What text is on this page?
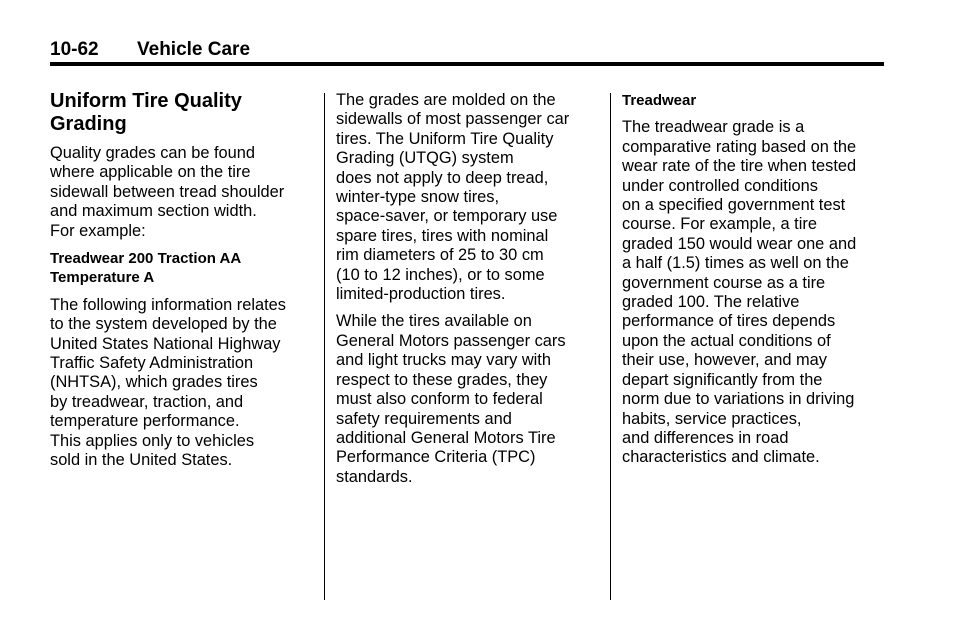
10-62 Vehicle Care
Uniform Tire Quality
Grading

Quality grades can be found
where applicable on the tire
sidewall between tread shoulder
and maximum section width.
For example:

Treadwear 200 Traction AA
Temperature A

The following information relates
to the system developed by the
United States National Highway
Traffic Safety Administration
(NHTSA), which grades tires
by treadwear, traction, and
temperature performance.
This applies only to vehicles
sold in the United States.

The grades are molded on the
sidewalls of most passenger car
tires. The Uniform Tire Quality
Grading (UTQG) system
does not apply to deep tread,
winter-type snow tires,
space-saver, or temporary use
spare tires, tires with nominal
rim diameters of 25 to 30 cm
(10 to 12 inches), or to some
limited-production tires.

While the tires available on
General Motors passenger cars
and light trucks may vary with
respect to these grades, they
must also conform to federal
safety requirements and
additional General Motors Tire
Performance Criteria (TPC)
standards.

Treadwear

The treadwear grade is a
comparative rating based on the
wear rate of the tire when tested
under controlled conditions
on a specified government test
course. For example, a tire
graded 150 would wear one and
a half (1.5) times as well on the
government course as a tire
graded 100. The relative
performance of tires depends
upon the actual conditions of
their use, however, and may
depart significantly from the
norm due to variations in driving
habits, service practices,
and differences in road
characteristics and climate.
